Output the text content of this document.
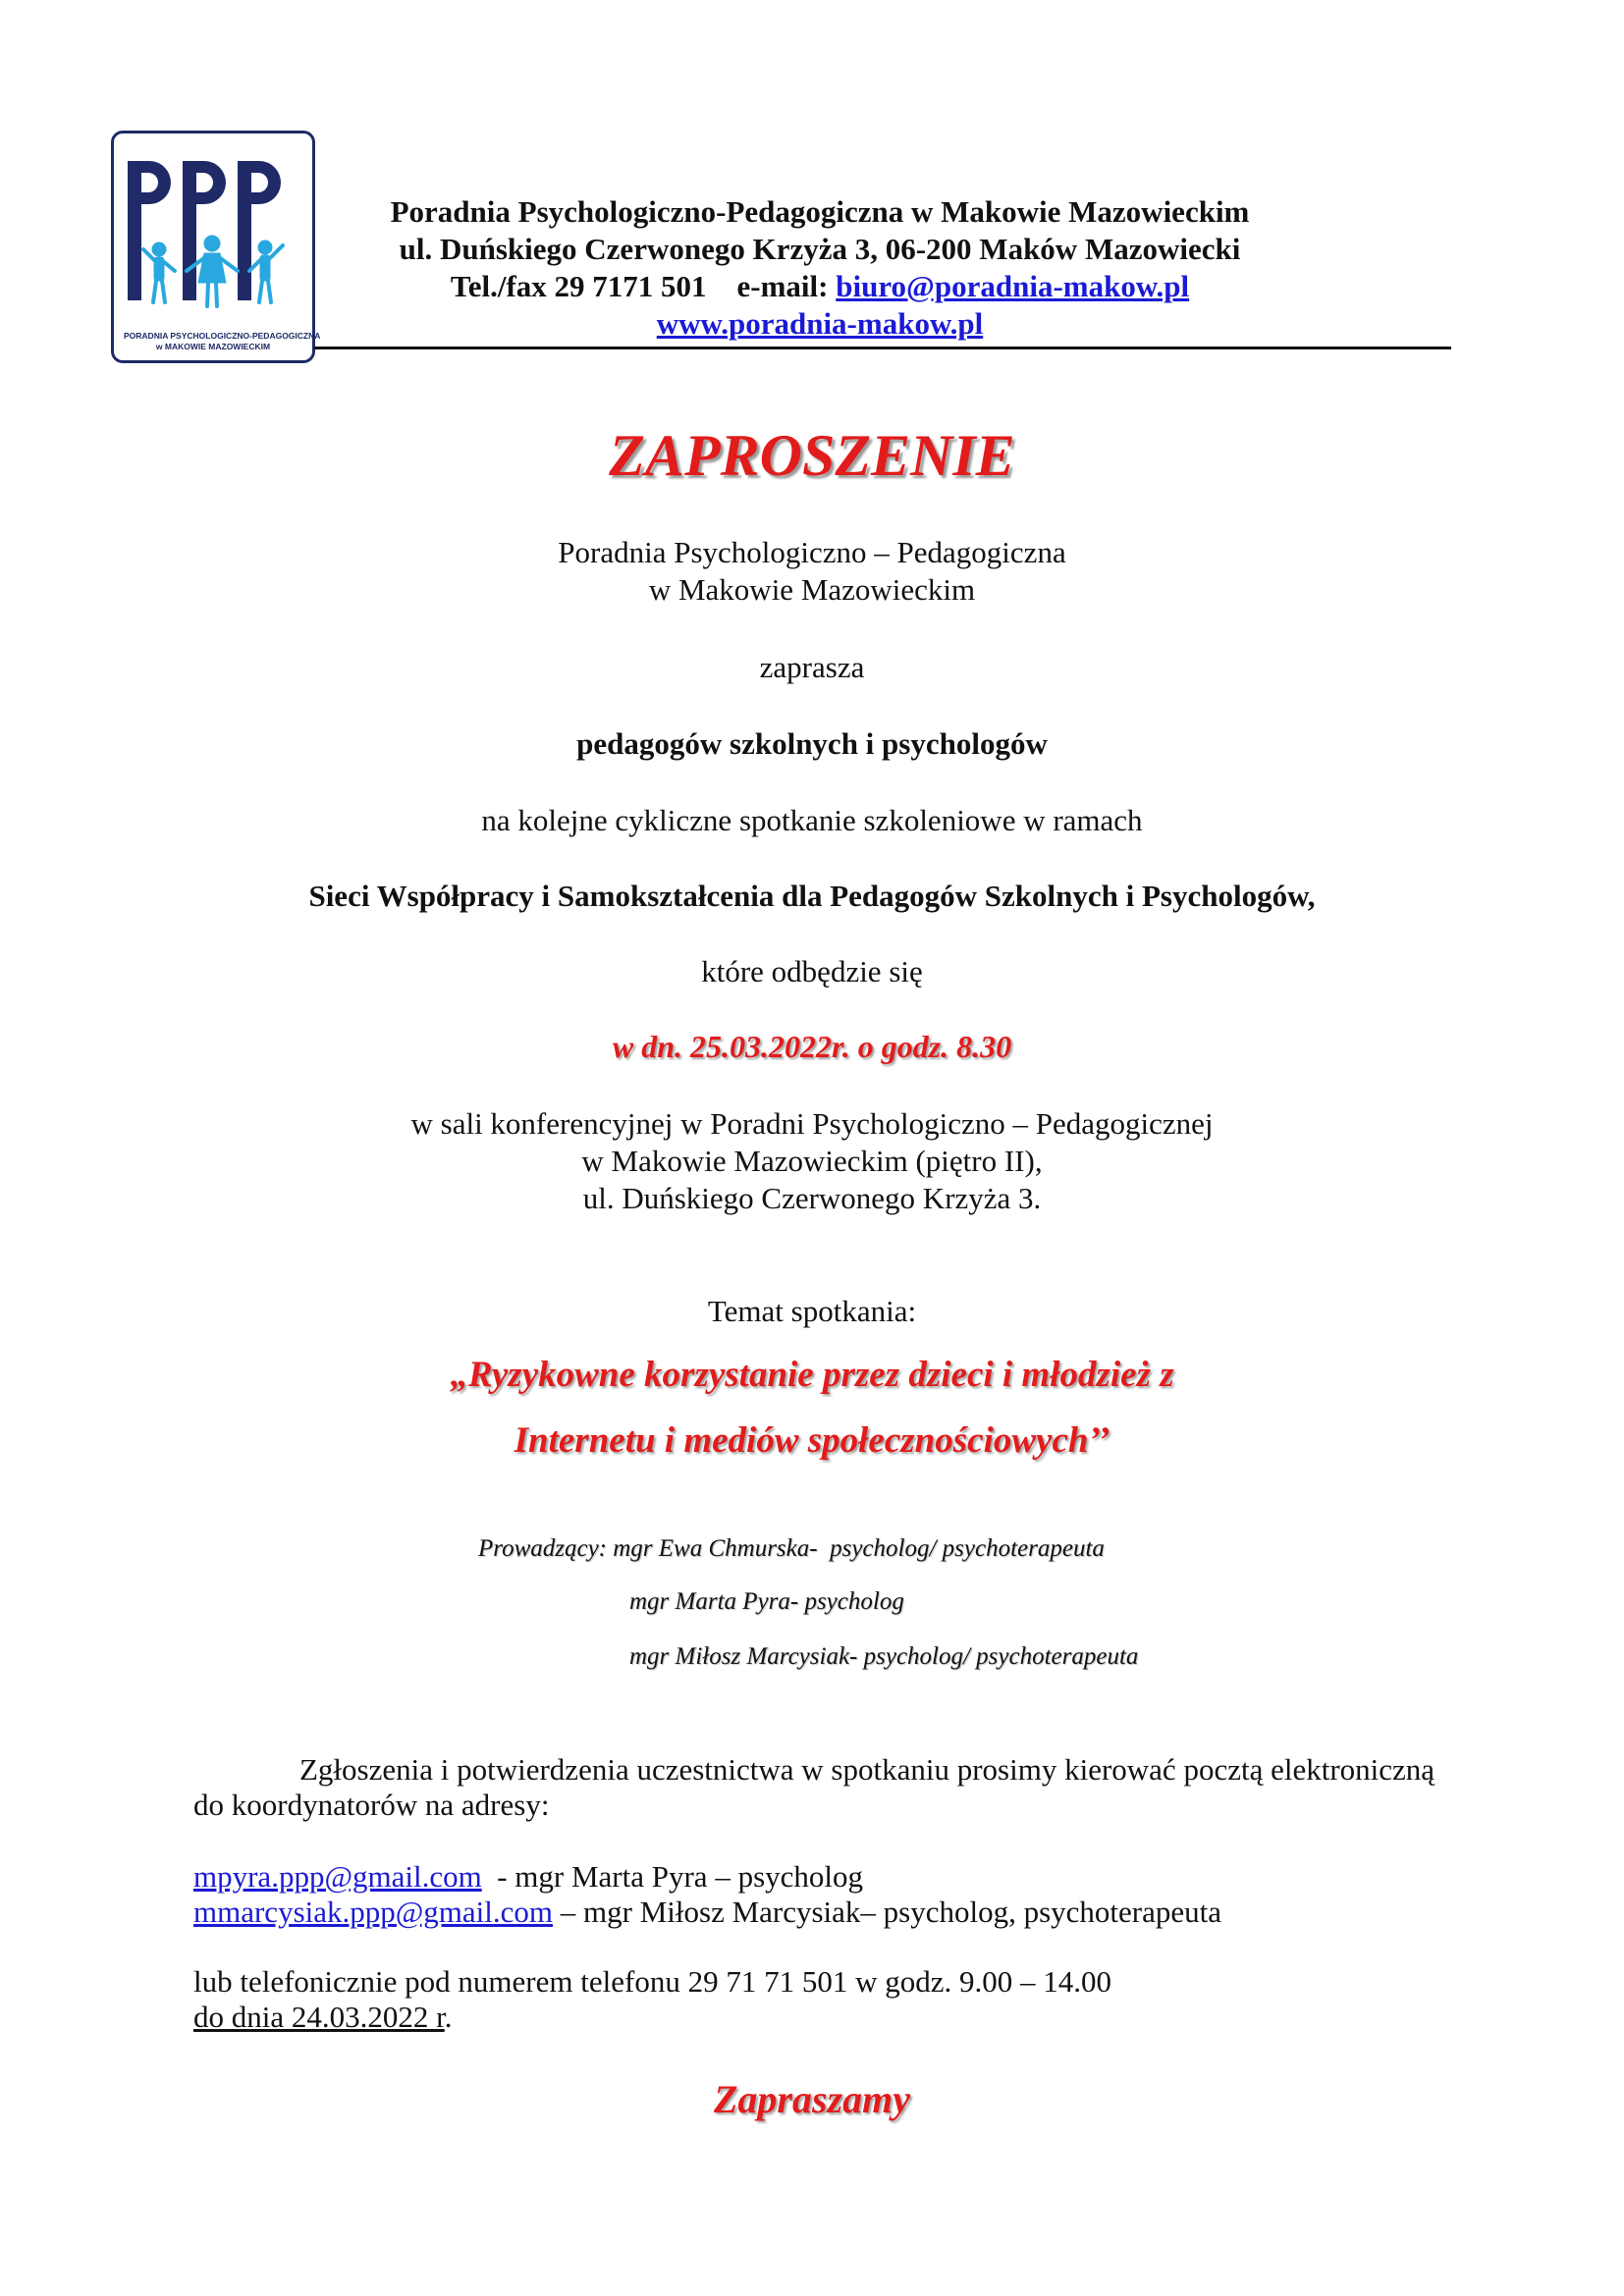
PORADNIA PSYCHOLOGICZNO-PEDAGOGICZNA
w MAKOWIE MAZOWIECKIM
Poradnia Psychologiczno-Pedagogiczna w Makowie Mazowieckim
ul. Duńskiego Czerwonego Krzyża 3, 06-200 Maków Mazowiecki
Tel./fax 29 7171 501 e-mail: biuro@poradnia-makow.pl
www.poradnia-makow.pl
ZAPROSZENIE
Poradnia Psychologiczno – Pedagogiczna
w Makowie Mazowieckim
zaprasza
pedagogów szkolnych i psychologów
na kolejne cykliczne spotkanie szkoleniowe w ramach
Sieci Współpracy i Samokształcenia dla Pedagogów Szkolnych i Psychologów,
które odbędzie się
w dn. 25.03.2022r. o godz. 8.30
w sali konferencyjnej w Poradni Psychologiczno – Pedagogicznej
w Makowie Mazowieckim (piętro II),
ul. Duńskiego Czerwonego Krzyża 3.
Temat spotkania:
„Ryzykowne korzystanie przez dzieci i młodzież z
Internetu i mediów społecznościowych’’
Prowadzący: mgr Ewa Chmurska-  psycholog/ psychoterapeuta
mgr Marta Pyra- psycholog
mgr Miłosz Marcysiak- psycholog/ psychoterapeuta
Zgłoszenia i potwierdzenia uczestnictwa w spotkaniu prosimy kierować pocztą elektroniczną
do koordynatorów na adresy:
mpyra.ppp@gmail.com  - mgr Marta Pyra – psycholog
mmarcysiak.ppp@gmail.com – mgr Miłosz Marcysiak– psycholog, psychoterapeuta
lub telefonicznie pod numerem telefonu 29 71 71 501 w godz. 9.00 – 14.00
do dnia 24.03.2022 r.
Zapraszamy
